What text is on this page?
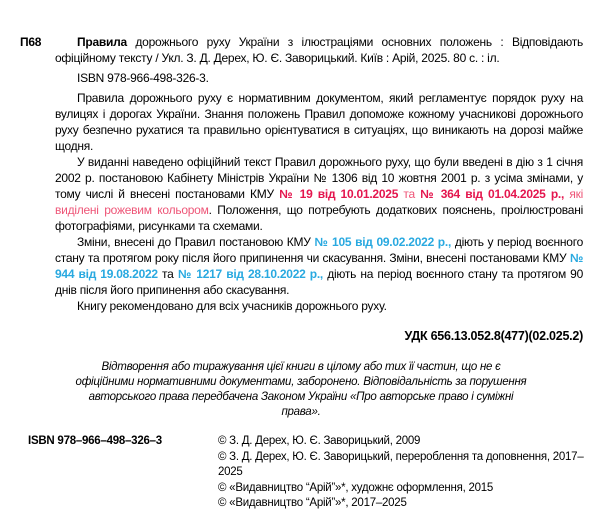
П68	Правила дорожнього руху України з ілюстраціями основних положень : Відповідають офіційному тексту / Укл. З. Д. Дерех, Ю. Є. Заворицький. Київ : Арій, 2025. 80 с. : іл.

ISBN 978-966-498-326-3.

Правила дорожнього руху є нормативним документом, який регламентує порядок руху на вулицях і дорогах України. Знання положень Правил допоможе кожному учасникові дорожнього руху безпечно рухатися та правильно орієнтуватися в ситуаціях, що виникають на дорозі майже щодня.

У виданні наведено офіційний текст Правил дорожнього руху, що були введені в дію з 1 січня 2002 р. постановою Кабінету Міністрів України № 1306 від 10 жовтня 2001 р. з усіма змінами, у тому числі й внесені постановами КМУ № 19 від 10.01.2025 та № 364 від 01.04.2025 р., які виділені рожевим кольором. Положення, що потребують додаткових пояснень, проілюстровані фотографіями, рисунками та схемами.

Зміни, внесені до Правил постановою КМУ № 105 від 09.02.2022 р., діють у період воєнного стану та протягом року після його припинення чи скасування. Зміни, внесені постановами КМУ № 944 від 19.08.2022 та № 1217 від 28.10.2022 р., діють на період воєнного стану та протягом 90 днів після його припинення або скасування.

Книгу рекомендовано для всіх учасників дорожнього руху.

УДК 656.13.052.8(477)(02.025.2)

Відтворення або тиражування цієї книги в цілому або тих її частин, що не є офіційними нормативними документами, заборонено. Відповідальність за порушення авторського права передбачена Законом України «Про авторське право і суміжні права».

ISBN 978–966–498–326–3	© З. Д. Дерех, Ю. Є. Заворицький, 2009
© З. Д. Дерех, Ю. Є. Заворицький, перероблення та доповнення, 2017–2025
© «Видавництво “Арій”»*, художнє оформлення, 2015
© «Видавництво “Арій”»*, 2017–2025
